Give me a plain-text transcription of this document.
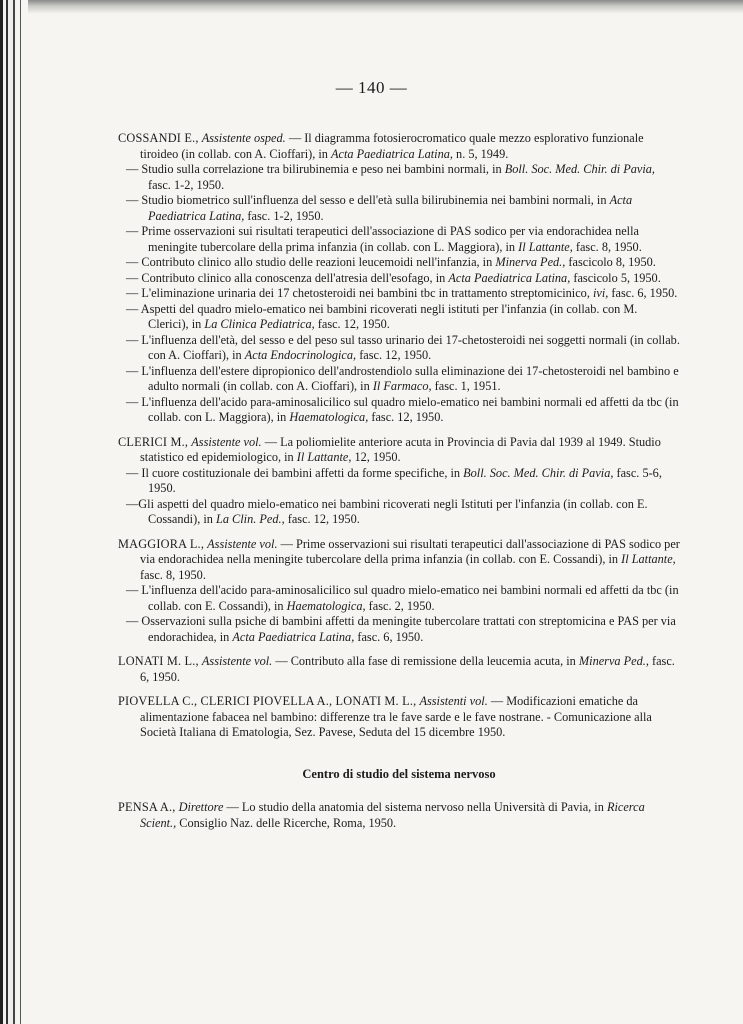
— 140 —

COSSANDI E., Assistente osped. — Il diagramma fotosierocromatico quale mezzo esplorativo funzionale tiroideo (in collab. con A. Cioffari), in Acta Paediatrica Latina, n. 5, 1949.

— Studio sulla correlazione tra bilirubinemia e peso nei bambini normali, in Boll. Soc. Med. Chir. di Pavia, fasc. 1-2, 1950.

— Studio biometrico sull'influenza del sesso e dell'età sulla bilirubinemia nei bambini normali, in Acta Paediatrica Latina, fasc. 1-2, 1950.

— Prime osservazioni sui risultati terapeutici dell'associazione di PAS sodico per via endorachidea nella meningite tubercolare della prima infanzia (in collab. con L. Maggiora), in Il Lattante, fasc. 8, 1950.

— Contributo clinico allo studio delle reazioni leucemoidi nell'infanzia, in Minerva Ped., fascicolo 8, 1950.

— Contributo clinico alla conoscenza dell'atresia dell'esofago, in Acta Paediatrica Latina, fascicolo 5, 1950.

— L'eliminazione urinaria dei 17 chetosteroidi nei bambini tbc in trattamento streptomicinico, ivi, fasc. 6, 1950.

— Aspetti del quadro mielo-ematico nei bambini ricoverati negli istituti per l'infanzia (in collab. con M. Clerici), in La Clinica Pediatrica, fasc. 12, 1950.

— L'influenza dell'età, del sesso e del peso sul tasso urinario dei 17-chetosteroidi nei soggetti normali (in collab. con A. Cioffari), in Acta Endocrinologica, fasc. 12, 1950.

— L'influenza dell'estere dipropionico dell'androstendiolo sulla eliminazione dei 17-chetosteroidi nel bambino e adulto normali (in collab. con A. Cioffari), in Il Farmaco, fasc. 1, 1951.

— L'influenza dell'acido para-aminosalicilico sul quadro mielo-ematico nei bambini normali ed affetti da tbc (in collab. con L. Maggiora), in Haematologica, fasc. 12, 1950.

CLERICI M., Assistente vol. — La poliomielite anteriore acuta in Provincia di Pavia dal 1939 al 1949. Studio statistico ed epidemiologico, in Il Lattante, 12, 1950.

— Il cuore costituzionale dei bambini affetti da forme specifiche, in Boll. Soc. Med. Chir. di Pavia, fasc. 5-6, 1950.

—Gli aspetti del quadro mielo-ematico nei bambini ricoverati negli Istituti per l'infanzia (in collab. con E. Cossandi), in La Clin. Ped., fasc. 12, 1950.

MAGGIORA L., Assistente vol. — Prime osservazioni sui risultati terapeutici dall'associazione di PAS sodico per via endorachidea nella meningite tubercolare della prima infanzia (in collab. con E. Cossandi), in Il Lattante, fasc. 8, 1950.

— L'influenza dell'acido para-aminosalicilico sul quadro mielo-ematico nei bambini normali ed affetti da tbc (in collab. con E. Cossandi), in Haematologica, fasc. 2, 1950.

— Osservazioni sulla psiche di bambini affetti da meningite tubercolare trattati con streptomicina e PAS per via endorachidea, in Acta Paediatrica Latina, fasc. 6, 1950.

LONATI M. L., Assistente vol. — Contributo alla fase di remissione della leucemia acuta, in Minerva Ped., fasc. 6, 1950.

PIOVELLA C., CLERICI PIOVELLA A., LONATI M. L., Assistenti vol. — Modificazioni ematiche da alimentazione fabacea nel bambino: differenze tra le fave sarde e le fave nostrane. - Comunicazione alla Società Italiana di Ematologia, Sez. Pavese, Seduta del 15 dicembre 1950.

Centro di studio del sistema nervoso

PENSA A., Direttore — Lo studio della anatomia del sistema nervoso nella Università di Pavia, in Ricerca Scient., Consiglio Naz. delle Ricerche, Roma, 1950.
